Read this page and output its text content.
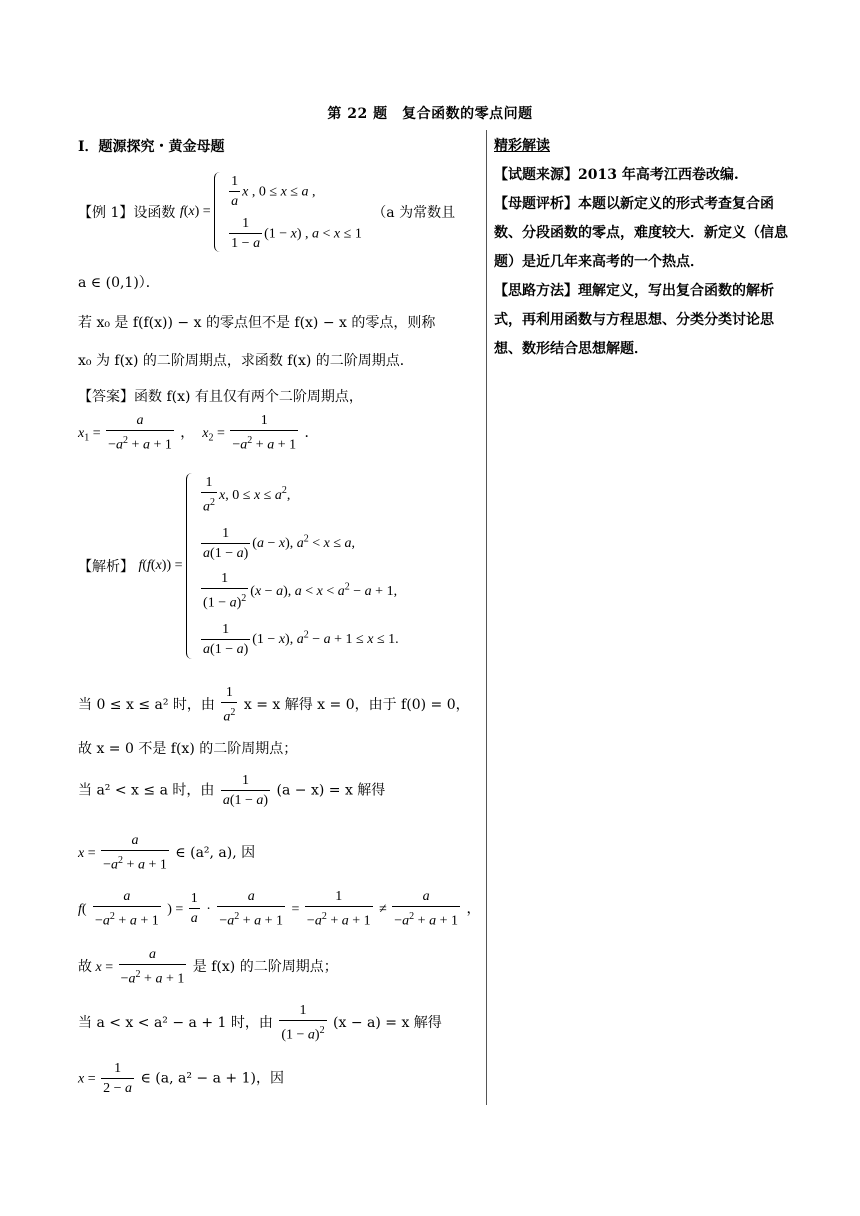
第 22 题　复合函数的零点问题
I．题源探究・黄金母题
【例 1】设函数 f ( x ) =
$\frac{1}{a}$ x , 0 ≤ x ≤ a ,
$\frac{1}{1 - a} (1 - x)$ , a < x ≤ 1
（a 为常数且
a ∈ (0,1)）．
若 x₀ 是 f(f(x)) − x 的零点但不是 f(x) − x 的零点，则称
x₀ 为 f(x) 的二阶周期点，求函数 f(x) 的二阶周期点．
【答案】函数 f(x) 有且仅有两个二阶周期点，
$x_1 = \frac{a}{-a^2 + a + 1}$ ，  $x_2 = \frac{1}{-a^2 + a + 1}$ ．
【解析】 f ( f ( x )) =
$\frac{1}{a^2} x$, $0 \le x \le a^2$,
$\frac{1}{a(1 - a)} (a - x)$, $a^2 < x \le a$,
$\frac{1}{(1 - a)^2} (x - a)$, $a < x < a^2 - a + 1$,
$\frac{1}{a(1 - a)} (1 - x)$, $a^2 - a + 1 \le x \le 1$.
当 0 ≤ x ≤ a² 时，由 $\frac{1}{a^2}$ x = x 解得 x = 0，由于 f(0) = 0，
故 x = 0 不是 f(x) 的二阶周期点；
当 a² < x ≤ a 时，由 $\frac{1}{a(1 - a)} (a - x) = x$ 解得
$x = \frac{a}{-a^2 + a + 1}$ ∈ (a², a), 因
$f( \frac{a}{-a^2 + a + 1}$ ) = $\frac{1}{a} \cdot \frac{a}{-a^2 + a + 1} = \frac{1}{-a^2 + a + 1} \ne \frac{a}{-a^2 + a + 1}$ ，
故 $x = \frac{a}{-a^2 + a + 1}$ 是 f(x) 的二阶周期点；
当 a < x < a² − a + 1 时，由 $\frac{1}{(1 - a)^2} (x - a) = x$ 解得
$x = \frac{1}{2 - a}$ ∈ (a, a² − a + 1)，因

精彩解读

【试题来源】2013 年高考江西卷改编.

【母题评析】本题以新定义的形式考查复合函数、分段函数的零点，难度较大．新定义（信息题）是近几年来高考的一个热点．

【思路方法】理解定义，写出复合函数的解析式，再利用函数与方程思想、分类分类讨论思想、数形结合思想解题．
